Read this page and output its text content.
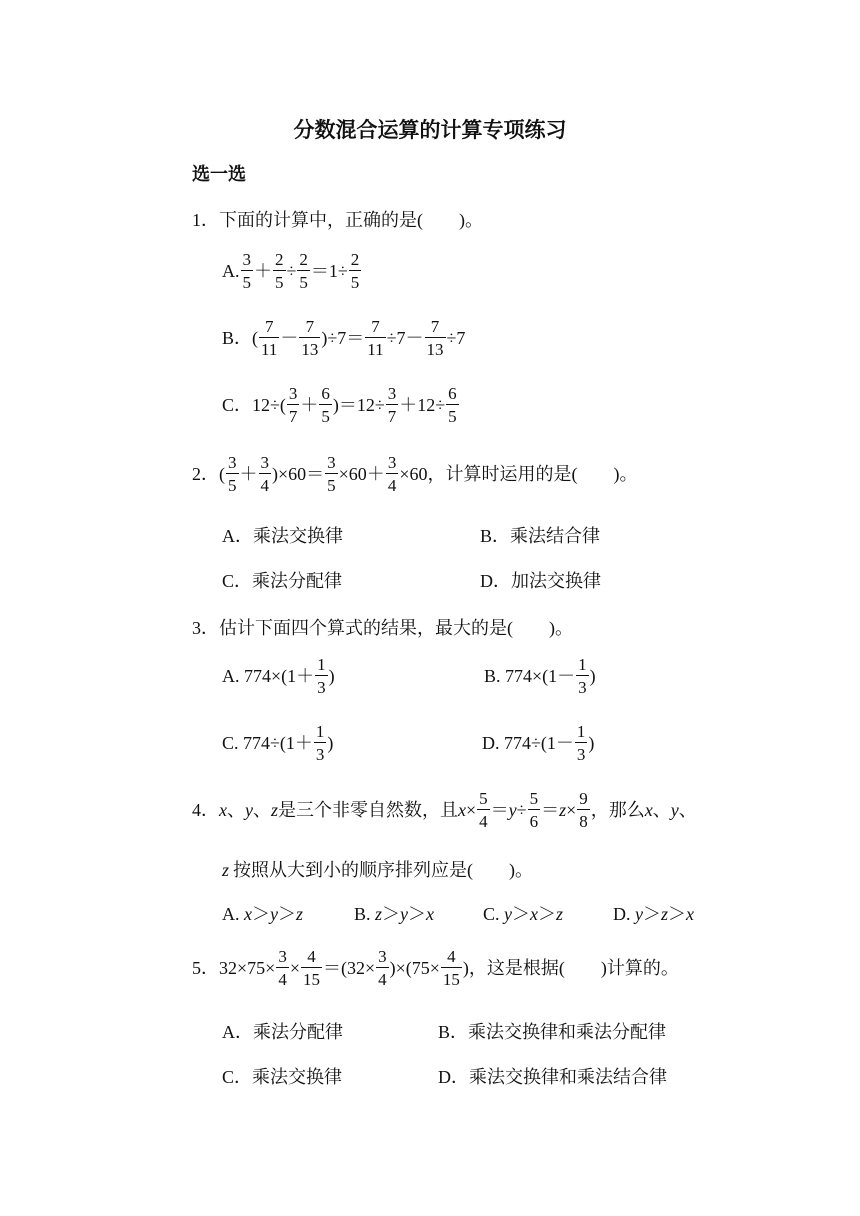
分数混合运算的计算专项练习
选一选
1．下面的计算中，正确的是(　　)。
A. $\frac{3}{5} + \frac{2}{5} \div \frac{2}{5} =1\div \frac{2}{5}$
B．( $\frac{7}{11} - \frac{7}{13} )\div 7= \frac{7}{11} \div 7- \frac{7}{13} \div 7$
C．$12\div( \frac{3}{7} + \frac{6}{5} )=12\div \frac{3}{7} +12\div \frac{6}{5}$
2．( $\frac{3}{5} + \frac{3}{4} )\times 60= \frac{3}{5} \times 60+ \frac{3}{4} \times 60$，计算时运用的是(　　)。
A．乘法交换律	B．乘法结合律
C．乘法分配律	D．加法交换律
3．估计下面四个算式的结果，最大的是(　　)。
A. $774\times(1+ \frac{1}{3}$ )	B. $774\times(1- \frac{1}{3}$ )
C. $774\div(1+ \frac{1}{3}$ )	D. $774\div(1- \frac{1}{3}$ )
4． x 、 y 、 z 是三个非零自然数，且 $x \times \frac{5}{4} = y \div \frac{5}{6} = z \times \frac{9}{8}$ ，那么 x 、 y 、
z 按照从大到小的顺序排列应是(　　)。
A.
x ＞ y ＞ z	B.
z ＞ y ＞ x	C.
y ＞ x ＞ z	D.
y ＞ z ＞ x
5．$32\times 75\times \frac{3}{4} \times \frac{4}{15} =(32\times \frac{3}{4} )\times(75\times \frac{4}{15}$ )，这是根据(　　)计算的。
A．乘法分配律	B．乘法交换律和乘法分配律
C．乘法交换律	D．乘法交换律和乘法结合律
